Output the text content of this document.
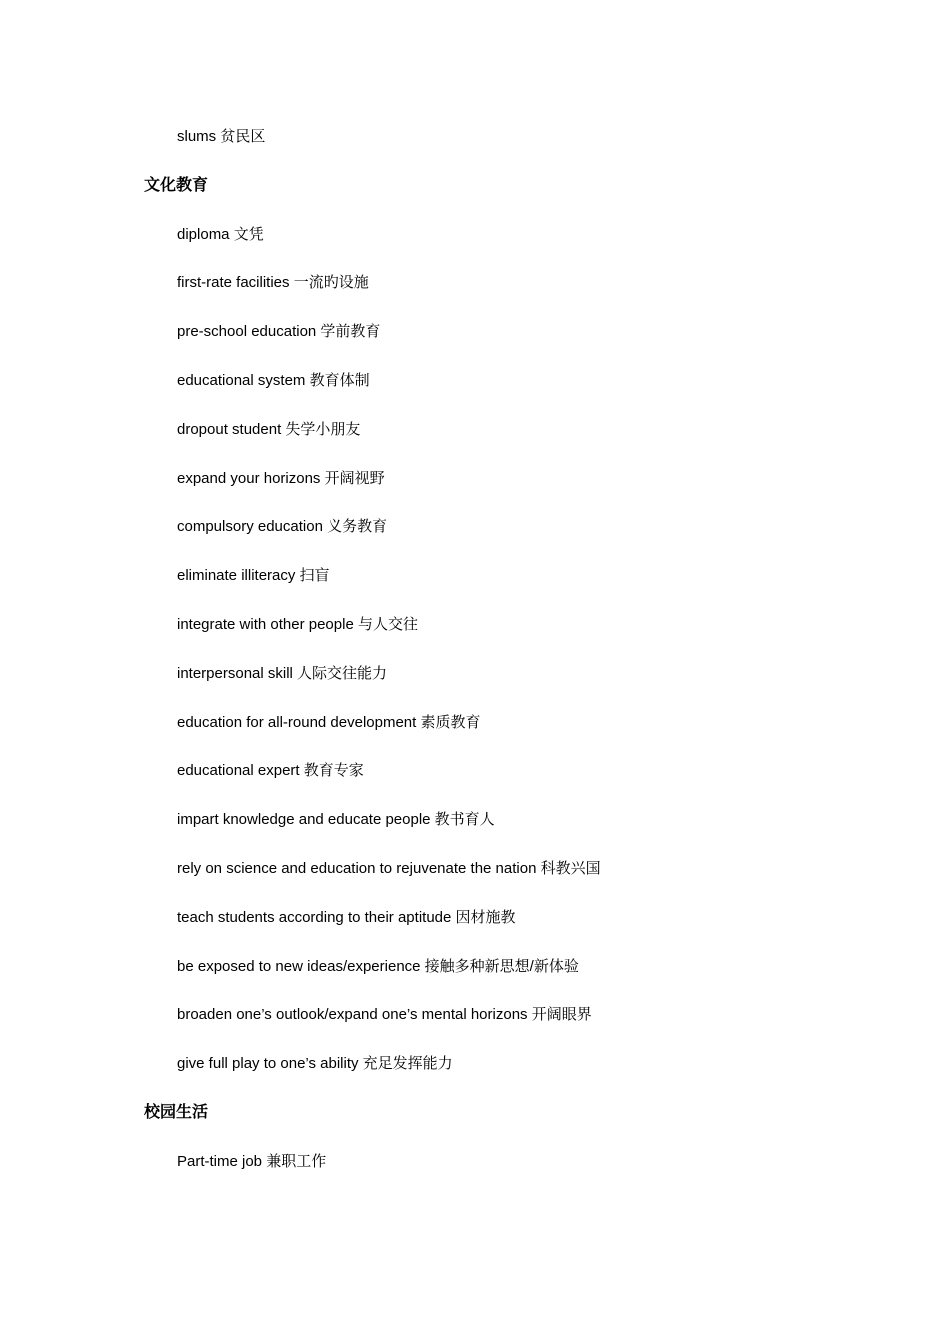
slums 贫民区
文化教育
diploma 文凭
first-rate facilities 一流旳设施
pre-school education 学前教育
educational system 教育体制
dropout student 失学小朋友
expand your horizons 开阔视野
compulsory education 义务教育
eliminate illiteracy 扫盲
integrate with other people 与人交往
interpersonal skill 人际交往能力
education for all-round development 素质教育
educational expert 教育专家
impart knowledge and educate people 教书育人
rely on science and education to rejuvenate the nation 科教兴国
teach students according to their aptitude 因材施教
be exposed to new ideas/experience 接触多种新思想/新体验
broaden one’s outlook/expand one’s mental horizons 开阔眼界
give full play to one’s ability 充足发挥能力
校园生活
Part-time job 兼职工作
